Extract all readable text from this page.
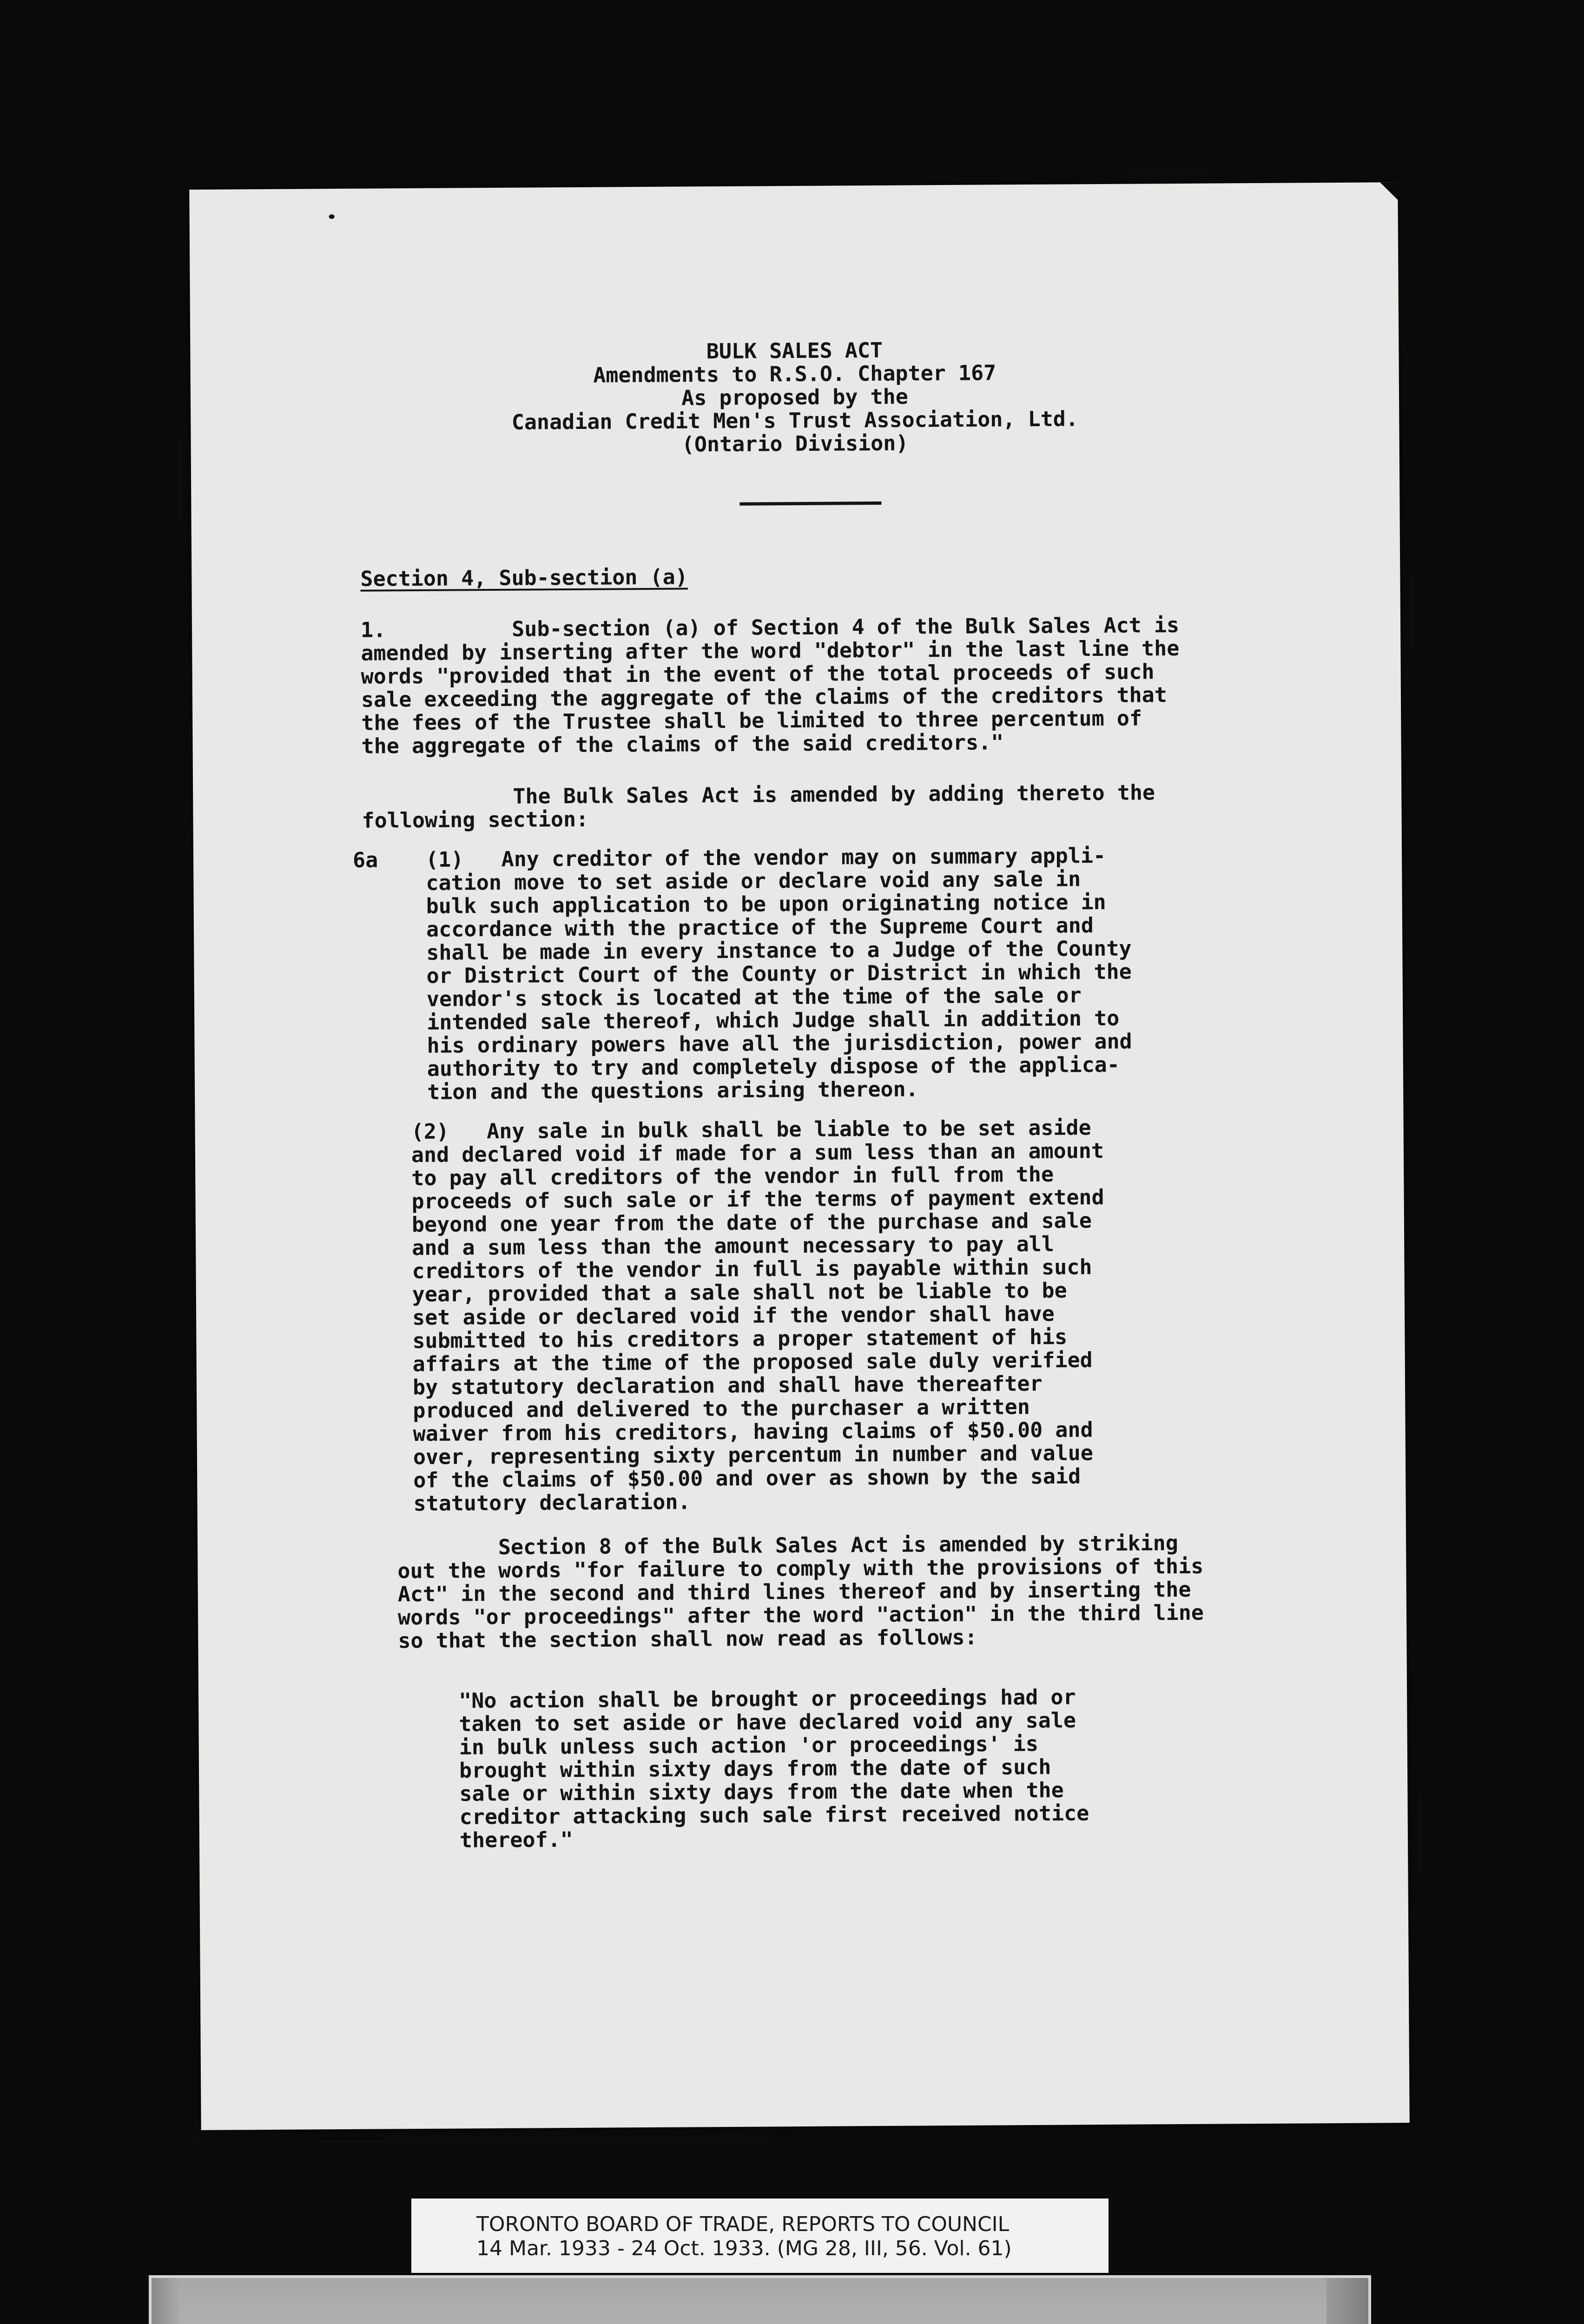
BULK SALES ACT
Amendments to R.S.O. Chapter 167
As proposed by the
Canadian Credit Men's Trust Association, Ltd.
(Ontario Division)

Section 4, Sub-section (a)

1.          Sub-section (a) of Section 4 of the Bulk Sales Act is
amended by inserting after the word "debtor" in the last line the
words "provided that in the event of the total proceeds of such
sale exceeding the aggregate of the claims of the creditors that
the fees of the Trustee shall be limited to three percentum of
the aggregate of the claims of the said creditors."

The Bulk Sales Act is amended by adding thereto the
following section:

6a (1)   Any creditor of the vendor may on summary appli-
cation move to set aside or declare void any sale in
bulk such application to be upon originating notice in
accordance with the practice of the Supreme Court and
shall be made in every instance to a Judge of the County
or District Court of the County or District in which the
vendor's stock is located at the time of the sale or
intended sale thereof, which Judge shall in addition to
his ordinary powers have all the jurisdiction, power and
authority to try and completely dispose of the applica-
tion and the questions arising thereon.

(2)   Any sale in bulk shall be liable to be set aside
and declared void if made for a sum less than an amount
to pay all creditors of the vendor in full from the
proceeds of such sale or if the terms of payment extend
beyond one year from the date of the purchase and sale
and a sum less than the amount necessary to pay all
creditors of the vendor in full is payable within such
year, provided that a sale shall not be liable to be
set aside or declared void if the vendor shall have
submitted to his creditors a proper statement of his
affairs at the time of the proposed sale duly verified
by statutory declaration and shall have thereafter
produced and delivered to the purchaser a written
waiver from his creditors, having claims of $50.00 and
over, representing sixty percentum in number and value
of the claims of $50.00 and over as shown by the said
statutory declaration.

Section 8 of the Bulk Sales Act is amended by striking
out the words "for failure to comply with the provisions of this
Act" in the second and third lines thereof and by inserting the
words "or proceedings" after the word "action" in the third line
so that the section shall now read as follows:

"No action shall be brought or proceedings had or
taken to set aside or have declared void any sale
in bulk unless such action 'or proceedings' is
brought within sixty days from the date of such
sale or within sixty days from the date when the
creditor attacking such sale first received notice
thereof."

TORONTO BOARD OF TRADE, REPORTS TO COUNCIL
14 Mar. 1933 - 24 Oct. 1933. (MG 28, III, 56. Vol. 61)
